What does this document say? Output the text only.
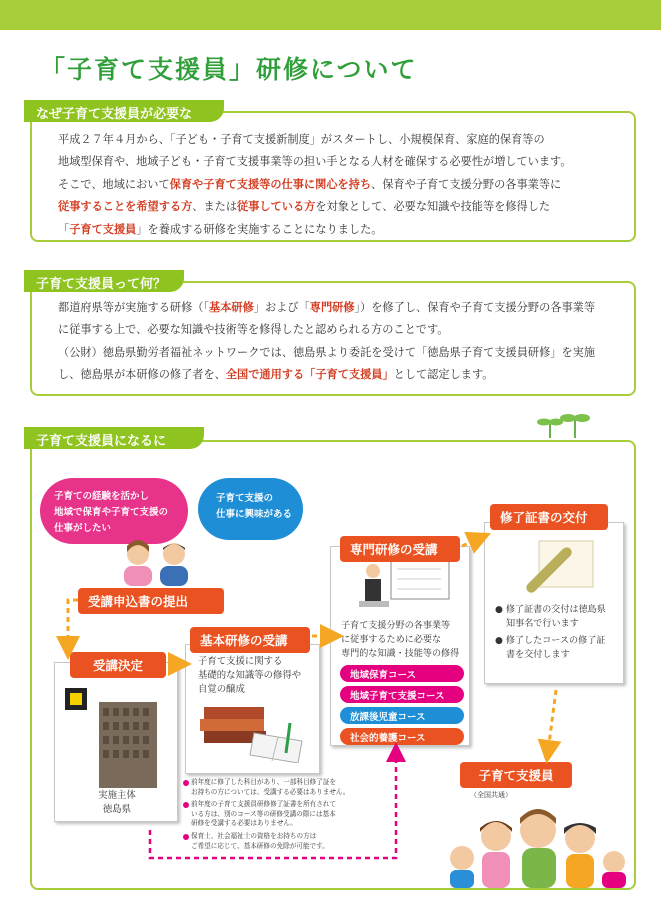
「子育て支援員」研修について
平成２７年４月から、「子ども・子育て支援新制度」がスタートし、小規模保育、家庭的保育等の
地域型保育や、地域子ども・子育て支援事業等の担い手となる人材を確保する必要性が増しています。
そこで、地域において保育や子育て支援等の仕事に関心を持ち、保育や子育て支援分野の各事業等に
従事することを希望する方、または従事している方を対象として、必要な知識や技能等を修得した
「子育て支援員」を養成する研修を実施することになりました。
なぜ子育て支援員が必要なの？
都道府県等が実施する研修（「基本研修」および「専門研修」）を修了し、保育や子育て支援分野の各事業等
に従事する上で、必要な知識や技術等を修得したと認められる方のことです。
（公財）徳島県勤労者福祉ネットワークでは、徳島県より委託を受けて「徳島県子育て支援員研修」を実施
し、徳島県が本研修の修了者を、全国で通用する「子育て支援員」として認定します。
子育て支援員って何？
子育て支援員になるには？
子育ての経験を活かし
地域で保育や子育て支援の
仕事がしたい
子育て支援の
仕事に興味がある
受講申込書の提出
実施主体
徳島県
受講決定	子育て支援に関する
基礎的な知識等の修得や
自覚の醸成
基本研修の受講
子育て支援分野の各事業等
に従事するために必要な
専門的な知識・技能等の修得
専門研修の受講
地域保育コース
地域子育て支援コース
放課後児童コース
社会的養護コース
● 修了証書の交付は徳島県
知事名で行います
● 修了したコースの修了証
書を交付します
修了証書の交付
子育て支援員
（全国共通）
前年度に修了した科目があり、一部科目修了証を
お持ちの方については、受講する必要はありません。
前年度の子育て支援員研修修了証書を所有されて
いる方は、別のコース等の研修受講の際には基本
研修を受講する必要はありません。
保育士、社会福祉士の資格をお持ちの方は
ご希望に応じて、基本研修の免除が可能です。
